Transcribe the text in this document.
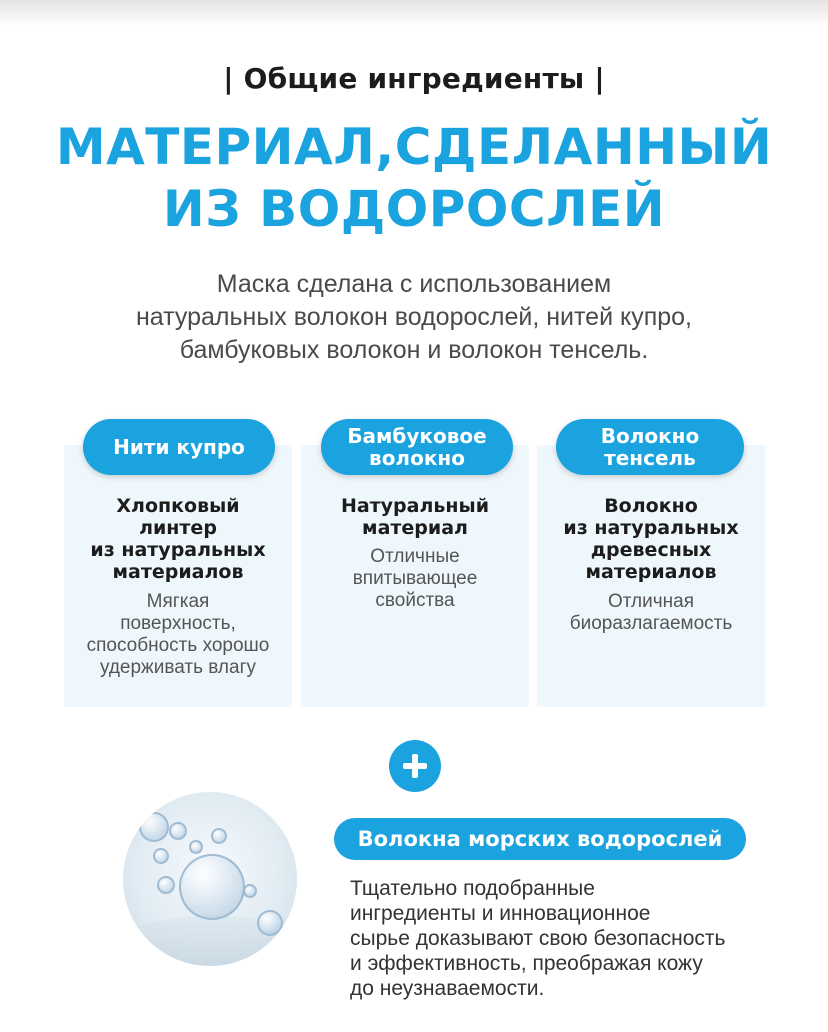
| Общие ингредиенты |
МАТЕРИАЛ,СДЕЛАННЫЙ
ИЗ ВОДОРОСЛЕЙ
Маска сделана с использованием
натуральных волокон водорослей, нитей купро,
бамбуковых волокон и волокон тенсель.
Хлопковый
линтер
из натуральных
материалов
Мягкая
поверхность,
способность хорошо
удерживать влагу
Натуральный
материал
Отличные
впитывающее
свойства
Волокно
из натуральных
древесных
материалов
Отличная
биоразлагаемость
Нити купро	Бамбуковое
волокно
Волокно
тенсель
Волокна морских водорослей
Тщательно подобранные
ингредиенты и инновационное
сырье доказывают свою безопасность
и эффективность, преображая кожу
до неузнаваемости.
